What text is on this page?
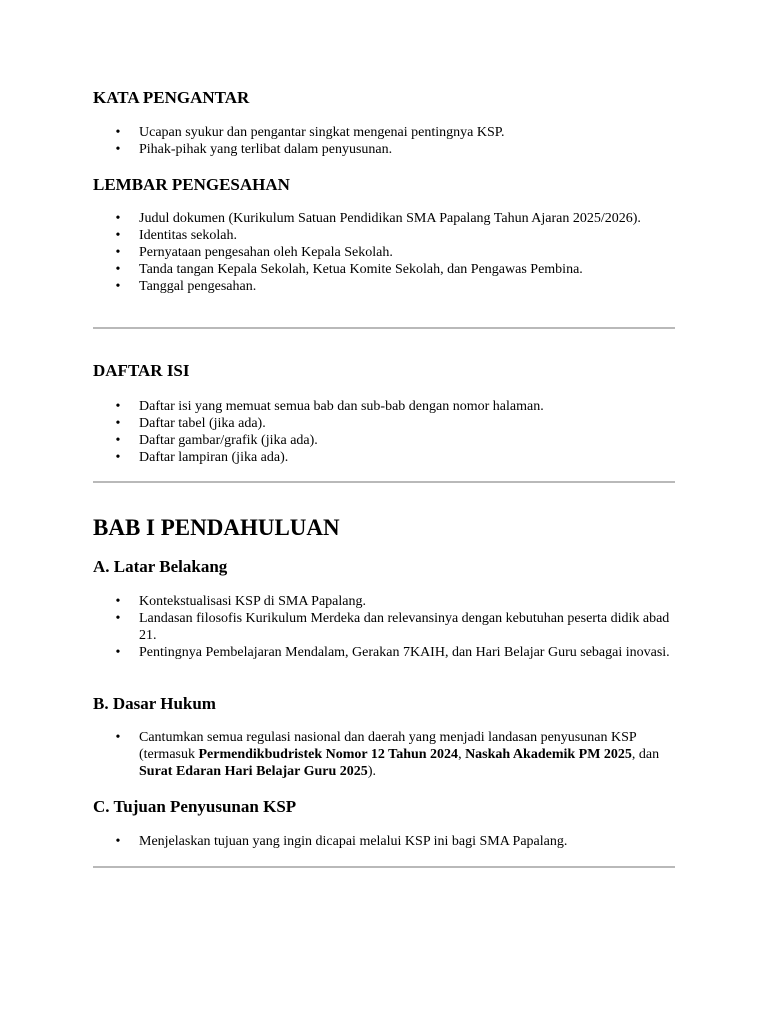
KATA PENGANTAR
• Ucapan syukur dan pengantar singkat mengenai pentingnya KSP.
• Pihak-pihak yang terlibat dalam penyusunan.
LEMBAR PENGESAHAN
• Judul dokumen (Kurikulum Satuan Pendidikan SMA Papalang Tahun Ajaran 2025/2026).
• Identitas sekolah.
• Pernyataan pengesahan oleh Kepala Sekolah.
• Tanda tangan Kepala Sekolah, Ketua Komite Sekolah, dan Pengawas Pembina.
• Tanggal pengesahan.
DAFTAR ISI
• Daftar isi yang memuat semua bab dan sub-bab dengan nomor halaman.
• Daftar tabel (jika ada).
• Daftar gambar/grafik (jika ada).
• Daftar lampiran (jika ada).
BAB I PENDAHULUAN
A. Latar Belakang
• Kontekstualisasi KSP di SMA Papalang.
• Landasan filosofis Kurikulum Merdeka dan relevansinya dengan kebutuhan peserta didik abad 21.
• Pentingnya Pembelajaran Mendalam, Gerakan 7KAIH, dan Hari Belajar Guru sebagai inovasi.
B. Dasar Hukum
• Cantumkan semua regulasi nasional dan daerah yang menjadi landasan penyusunan KSP (termasuk Permendikbudristek Nomor 12 Tahun 2024, Naskah Akademik PM 2025, dan Surat Edaran Hari Belajar Guru 2025).
C. Tujuan Penyusunan KSP
• Menjelaskan tujuan yang ingin dicapai melalui KSP ini bagi SMA Papalang.
